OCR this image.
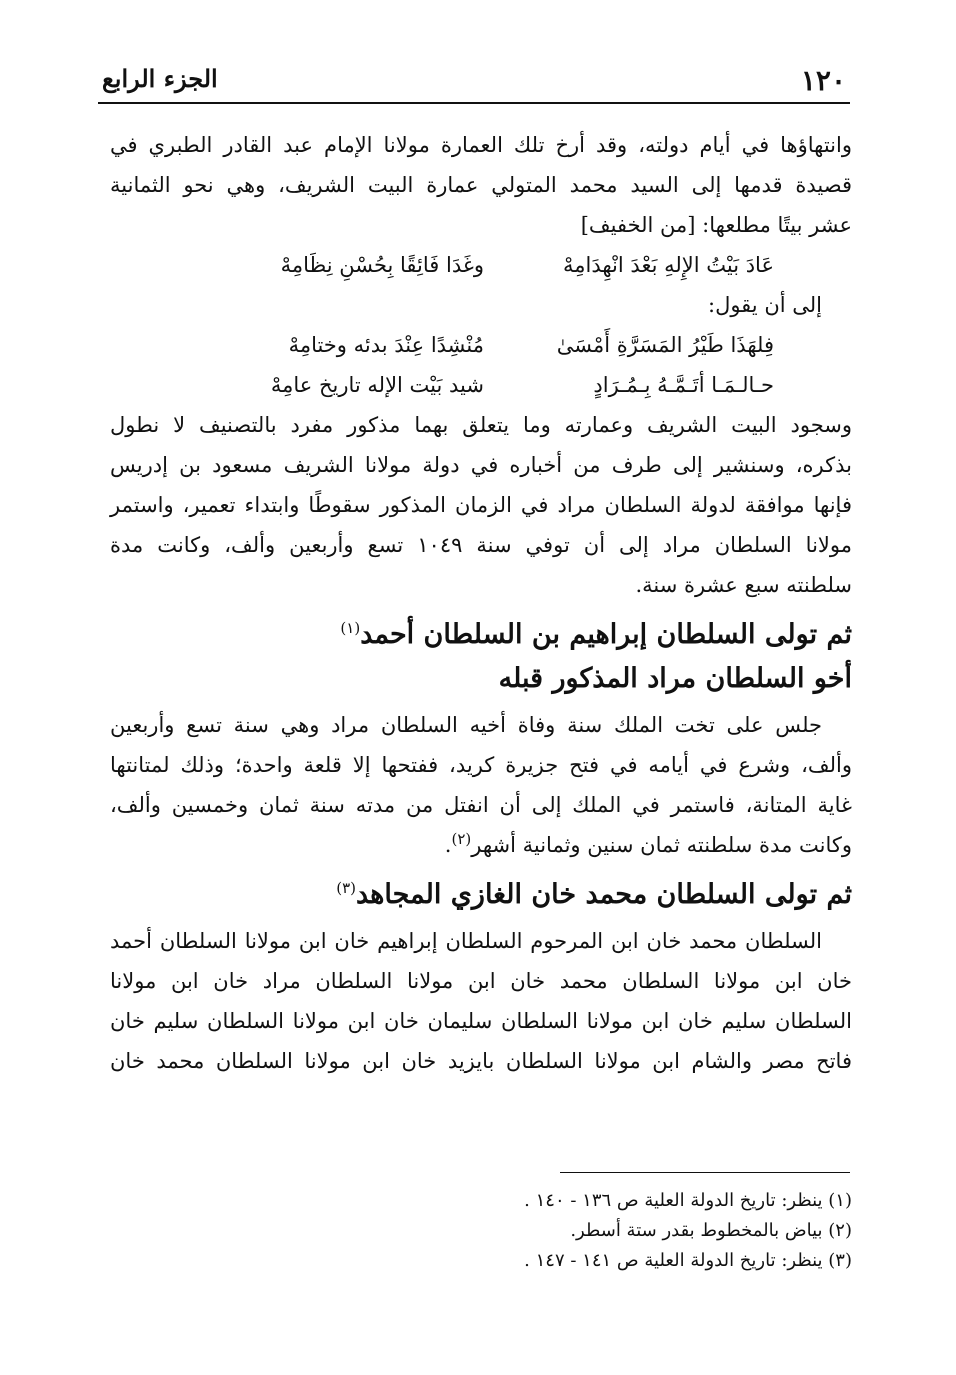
١٢٠
الجزء الرابع

وانتهاؤها في أيام دولته، وقد أرخ تلك العمارة مولانا الإمام عبد القادر الطبري في
قصيدة قدمها إلى السيد محمد المتولي عمارة البيت الشريف، وهي نحو الثمانية
عشر بيتًا مطلعها: [من الخفيف]

عَادَ بَيْتُ الإِلهِ بَعْدَ انْهِدَامِهْ
وغَدَا فَائِقًا بِحُسْنِ نِظَامِهْ
إلى أن يقول:
فِلهَذَا طَيْرُ المَسَرَّةِ أَمْسَىٰ
مُنْشِدًا عِنْدَ بدئه وختامِهْ
حـالـمَـا أتَـمَّـهُ بِـمُـرَادٍ
شيد بَيْت الإله تاريخ عامِهْ

وسجود البيت الشريف وعمارته وما يتعلق بهما مذكور مفرد بالتصنيف لا نطول
بذكره، وسنشير إلى طرف من أخباره في دولة مولانا الشريف مسعود بن إدريس
فإنها موافقة لدولة السلطان مراد في الزمان المذكور سقوطًا وابتداء تعمير، واستمر
مولانا السلطان مراد إلى أن توفي سنة ١٠٤٩ تسع وأربعين وألف، وكانت مدة
سلطنته سبع عشرة سنة.

ثم تولى السلطان إبراهيم بن السلطان أحمد$^{(١)}$
أخو السلطان مراد المذكور قبله

جلس على تخت الملك سنة وفاة أخيه السلطان مراد وهي سنة تسع وأربعين
وألف، وشرع في أيامه في فتح جزيرة كريد، ففتحها إلا قلعة واحدة؛ وذلك لمتانتها
غاية المتانة، فاستمر في الملك إلى أن انفتل من مدته سنة ثمان وخمسين وألف،
وكانت مدة سلطنته ثمان سنين وثمانية أشهر$^{(٢)}$.

ثم تولى السلطان محمد خان الغازي المجاهد$^{(٣)}$

السلطان محمد خان ابن المرحوم السلطان إبراهيم خان ابن مولانا السلطان أحمد
خان ابن مولانا السلطان محمد خان ابن مولانا السلطان مراد خان ابن مولانا
السلطان سليم خان ابن مولانا السلطان سليمان خان ابن مولانا السلطان سليم خان
فاتح مصر والشام ابن مولانا السلطان بايزيد خان ابن مولانا السلطان محمد خان

(١) ينظر: تاريخ الدولة العلية ص ١٣٦ - ١٤٠ .
(٢) بياض بالمخطوط بقدر ستة أسطر.
(٣) ينظر: تاريخ الدولة العلية ص ١٤١ - ١٤٧ .
